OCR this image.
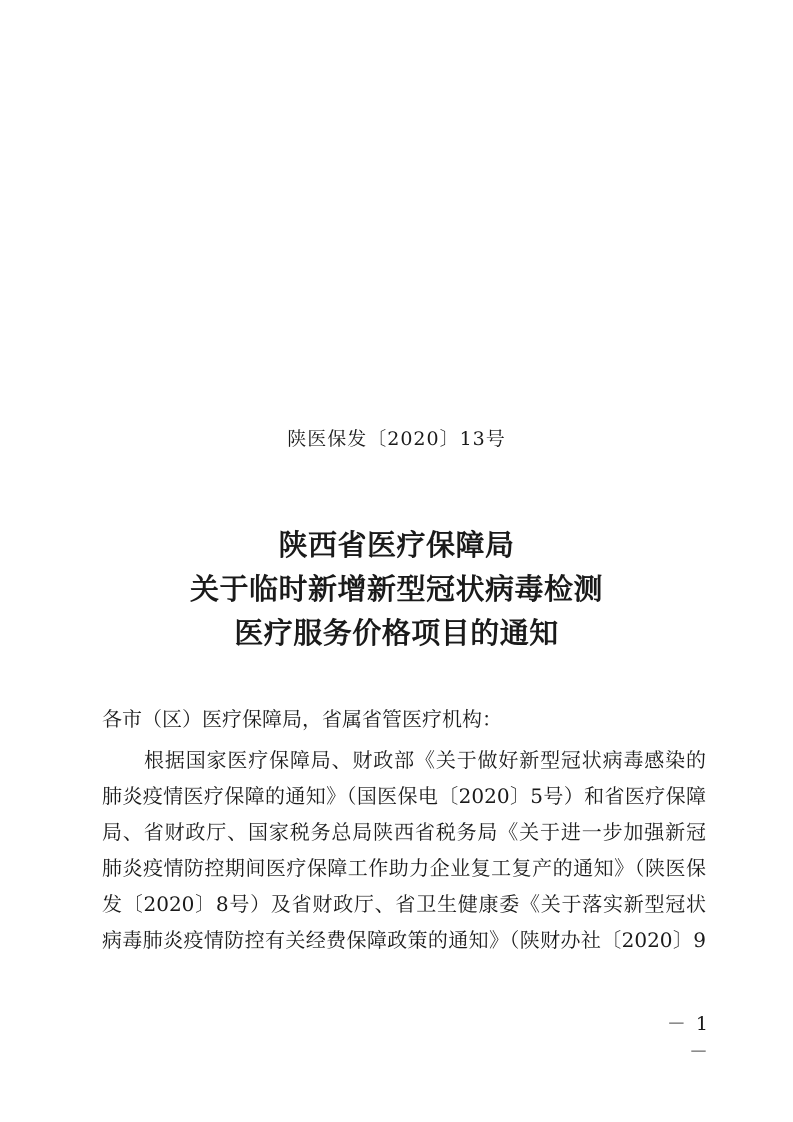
陕医保发〔2020〕13号
陕西省医疗保障局
关于临时新增新型冠状病毒检测
医疗服务价格项目的通知
各市（区）医疗保障局，省属省管医疗机构：
根据国家医疗保障局、财政部《关于做好新型冠状病毒感染的
肺炎疫情医疗保障的通知》（国医保电〔2020〕5号）和省医疗保障
局、省财政厅、国家税务总局陕西省税务局《关于进一步加强新冠
肺炎疫情防控期间医疗保障工作助力企业复工复产的通知》（陕医保
发〔2020〕8号）及省财政厅、省卫生健康委《关于落实新型冠状
病毒肺炎疫情防控有关经费保障政策的通知》（陕财办社〔2020〕9
－ 1 －
